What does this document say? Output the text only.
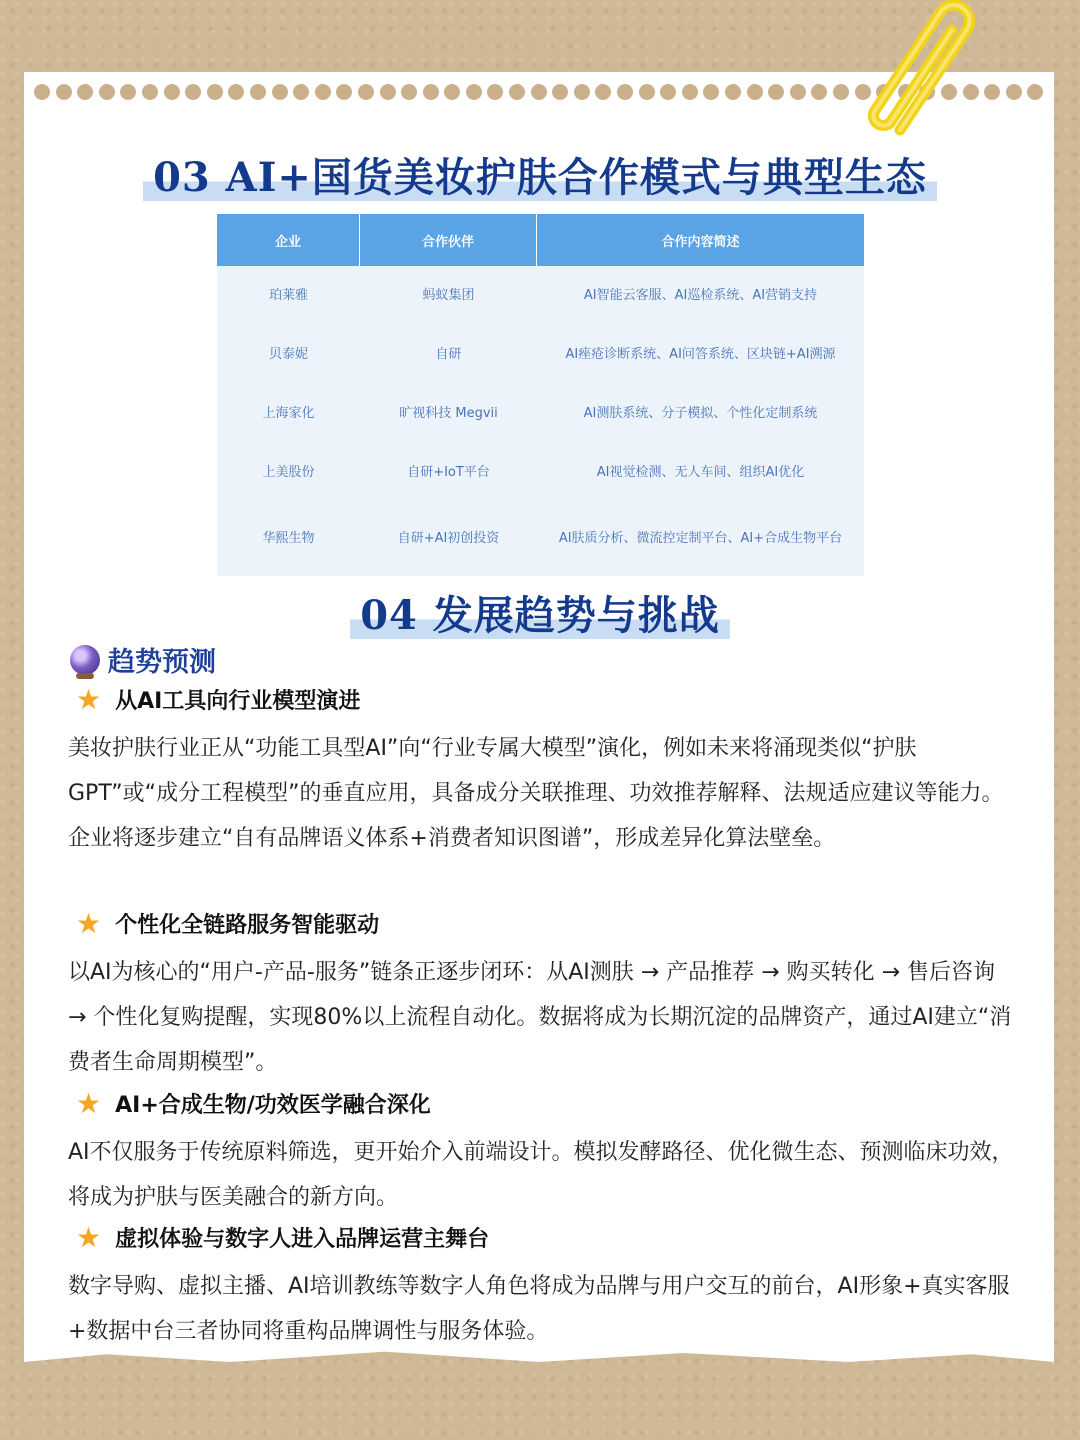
03 AI+国货美妆护肤合作模式与典型生态
企业	合作伙伴	合作内容简述
珀莱雅	蚂蚁集团	AI智能云客服、AI巡检系统、AI营销支持
贝泰妮	自研	AI痤疮诊断系统、AI问答系统、区块链+AI溯源
上海家化	旷视科技 Megvii	AI测肤系统、分子模拟、个性化定制系统
上美股份	自研+IoT平台	AI视觉检测、无人车间、组织AI优化
华熙生物	自研+AI初创投资	AI肤质分析、微流控定制平台、AI+合成生物平台
04 发展趋势与挑战
趋势预测
★ 从AI工具向行业模型演进
美妆护肤行业正从“功能工具型AI”向“行业专属大模型”演化，例如未来将涌现类似“护肤GPT”或“成分工程模型”的垂直应用，具备成分关联推理、功效推荐解释、法规适应建议等能力。企业将逐步建立“自有品牌语义体系+消费者知识图谱”，形成差异化算法壁垒。
★ 个性化全链路服务智能驱动
以AI为核心的“用户-产品-服务”链条正逐步闭环：从AI测肤 → 产品推荐 → 购买转化 → 售后咨询 → 个性化复购提醒，实现80%以上流程自动化。数据将成为长期沉淀的品牌资产，通过AI建立“消费者生命周期模型”。
★ AI+合成生物/功效医学融合深化
AI不仅服务于传统原料筛选，更开始介入前端设计。模拟发酵路径、优化微生态、预测临床功效，将成为护肤与医美融合的新方向。
★ 虚拟体验与数字人进入品牌运营主舞台
数字导购、虚拟主播、AI培训教练等数字人角色将成为品牌与用户交互的前台，AI形象+真实客服+数据中台三者协同将重构品牌调性与服务体验。
